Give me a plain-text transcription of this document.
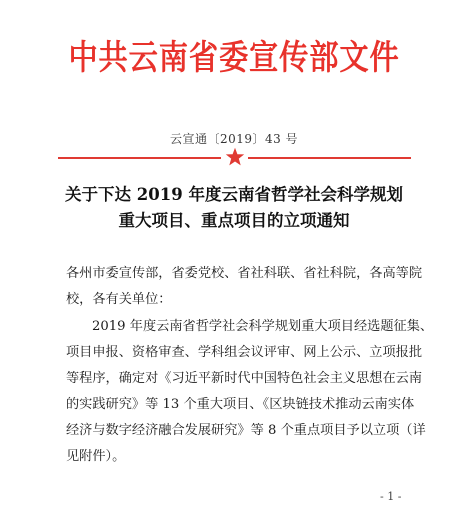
中共云南省委宣传部文件
云宣通〔2019〕43 号
关于下达 2019 年度云南省哲学社会科学规划
重大项目、重点项目的立项通知
各州市委宣传部，省委党校、省社科联、省社科院，各高等院
校，各有关单位：
2019 年度云南省哲学社会科学规划重大项目经选题征集、
项目申报、资格审查、学科组会议评审、网上公示、立项报批
等程序，确定对《习近平新时代中国特色社会主义思想在云南
的实践研究》等 13 个重大项目、《区块链技术推动云南实体
经济与数字经济融合发展研究》等 8 个重点项目予以立项（详
见附件）。
- 1 -
